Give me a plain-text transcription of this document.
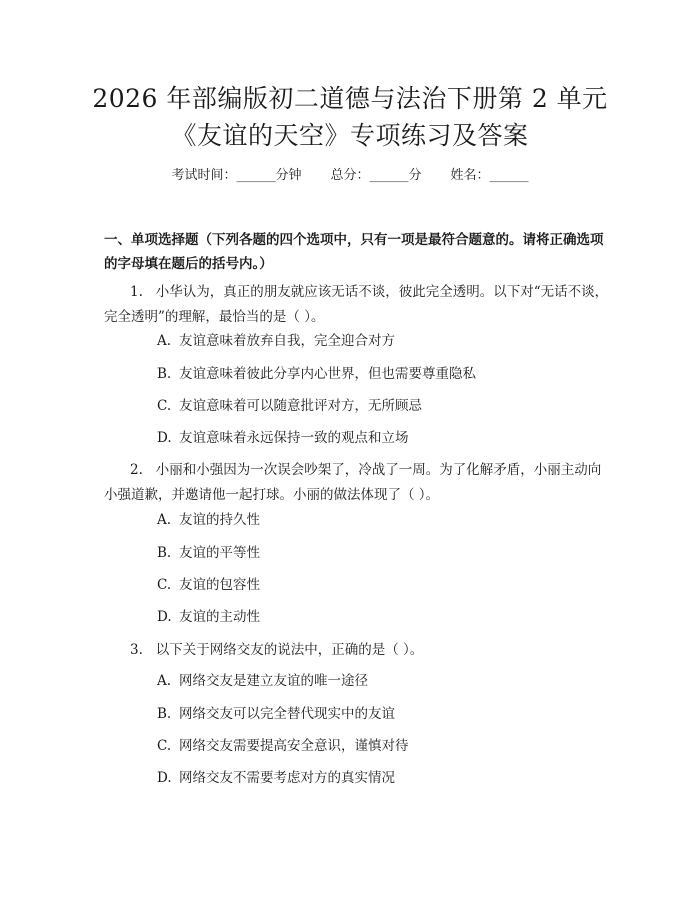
2026 年部编版初二道德与法治下册第 2 单元
《友谊的天空》专项练习及答案
考试时间：______分钟 总分：______分 姓名：______
一、单项选择题（下列各题的四个选项中，只有一项是最符合题意的。请将正确选项的字母填在题后的括号内。）
1. 小华认为，真正的朋友就应该无话不谈，彼此完全透明。以下对“无话不谈，完全透明”的理解，最恰当的是（ ）。
A. 友谊意味着放弃自我，完全迎合对方
B. 友谊意味着彼此分享内心世界，但也需要尊重隐私
C. 友谊意味着可以随意批评对方，无所顾忌
D. 友谊意味着永远保持一致的观点和立场
2. 小丽和小强因为一次误会吵架了，冷战了一周。为了化解矛盾，小丽主动向小强道歉，并邀请他一起打球。小丽的做法体现了（ ）。
A. 友谊的持久性
B. 友谊的平等性
C. 友谊的包容性
D. 友谊的主动性
3. 以下关于网络交友的说法中，正确的是（ ）。
A. 网络交友是建立友谊的唯一途径
B. 网络交友可以完全替代现实中的友谊
C. 网络交友需要提高安全意识，谨慎对待
D. 网络交友不需要考虑对方的真实情况
